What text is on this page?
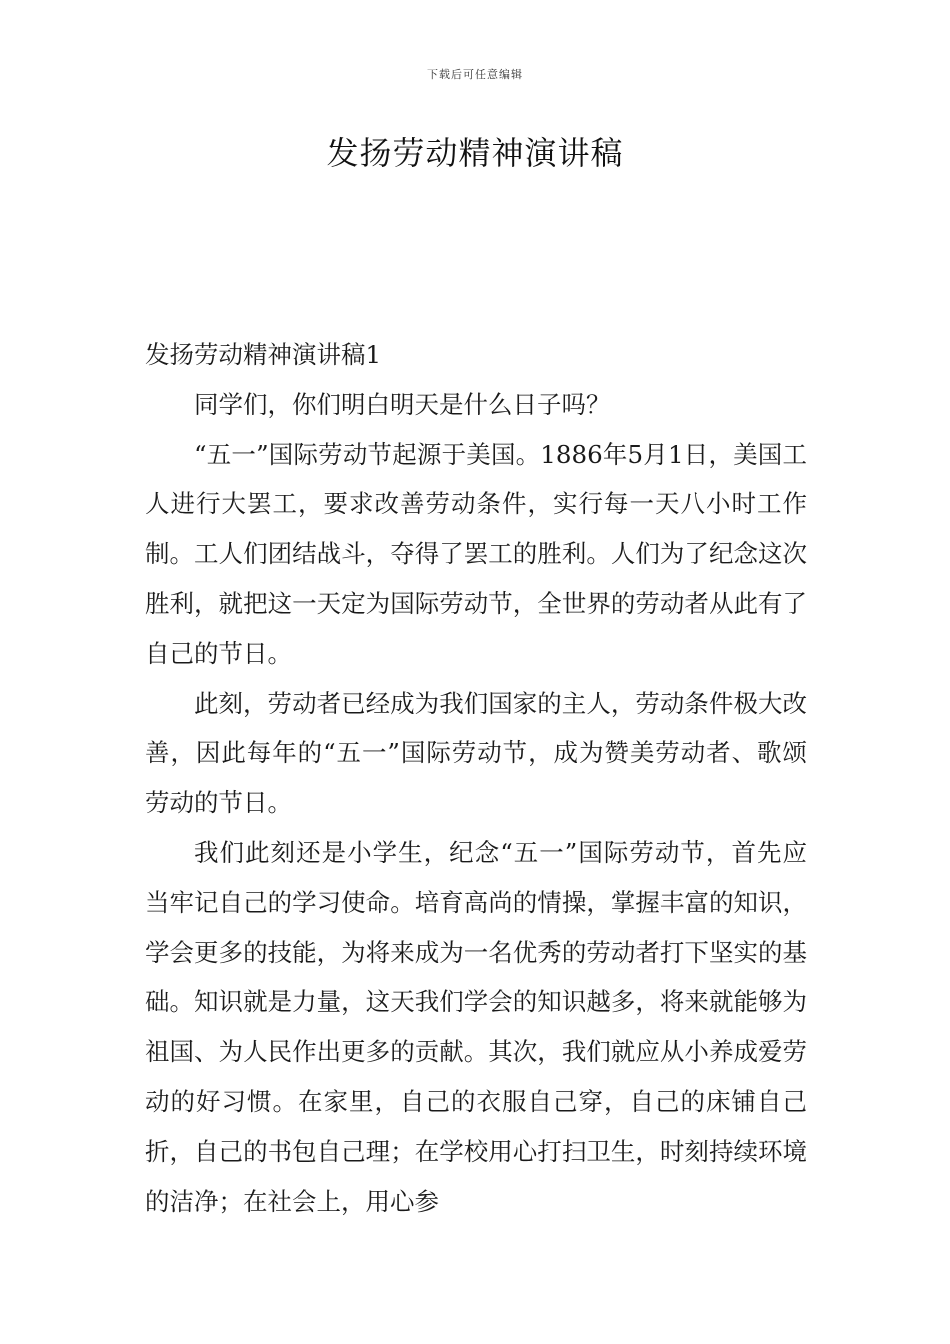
下载后可任意编辑
发扬劳动精神演讲稿
发扬劳动精神演讲稿1

同学们，你们明白明天是什么日子吗？

“五一”国际劳动节起源于美国。1886年5月1日，美国工人进行大罢工，要求改善劳动条件，实行每一天八小时工作制。工人们团结战斗，夺得了罢工的胜利。人们为了纪念这次胜利，就把这一天定为国际劳动节，全世界的劳动者从此有了自己的节日。

此刻，劳动者已经成为我们国家的主人，劳动条件极大改善，因此每年的“五一”国际劳动节，成为赞美劳动者、歌颂劳动的节日。

我们此刻还是小学生，纪念“五一”国际劳动节，首先应当牢记自己的学习使命。培育高尚的情操，掌握丰富的知识，学会更多的技能，为将来成为一名优秀的劳动者打下坚实的基础。知识就是力量，这天我们学会的知识越多，将来就能够为祖国、为人民作出更多的贡献。其次，我们就应从小养成爱劳动的好习惯。在家里，自己的衣服自己穿，自己的床铺自己折，自己的书包自己理；在学校用心打扫卫生，时刻持续环境的洁净；在社会上，用心参
